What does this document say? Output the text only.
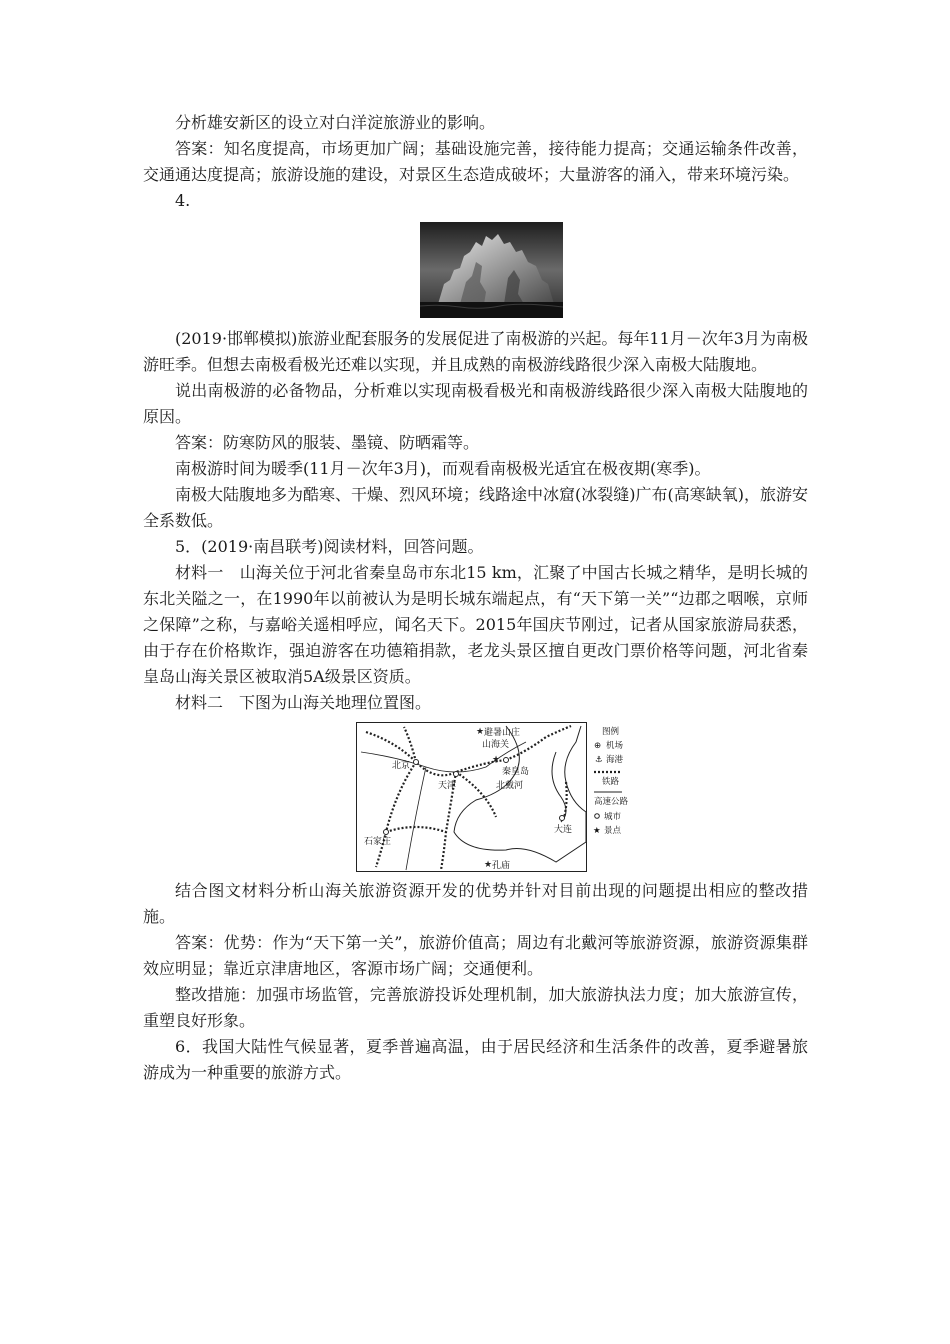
分析雄安新区的设立对白洋淀旅游业的影响。

答案：知名度提高，市场更加广阔；基础设施完善，接待能力提高；交通运输条件改善，交通通达度提高；旅游设施的建设，对景区生态造成破坏；大量游客的涌入，带来环境污染。

4.

(2019·邯郸模拟)旅游业配套服务的发展促进了南极游的兴起。每年11月－次年3月为南极游旺季。但想去南极看极光还难以实现，并且成熟的南极游线路很少深入南极大陆腹地。

说出南极游的必备物品，分析难以实现南极看极光和南极游线路很少深入南极大陆腹地的原因。

答案：防寒防风的服装、墨镜、防晒霜等。

南极游时间为暖季(11月－次年3月)，而观看南极极光适宜在极夜期(寒季)。

南极大陆腹地多为酷寒、干燥、烈风环境；线路途中冰窟(冰裂缝)广布(高寒缺氧)，旅游安全系数低。

5．(2019·南昌联考)阅读材料，回答问题。

材料一　山海关位于河北省秦皇岛市东北15 km，汇聚了中国古长城之精华，是明长城的东北关隘之一，在1990年以前被认为是明长城东端起点，有“天下第一关”“边郡之咽喉，京师之保障”之称，与嘉峪关遥相呼应，闻名天下。2015年国庆节刚过，记者从国家旅游局获悉，由于存在价格欺诈，强迫游客在功德箱捐款，老龙头景区擅自更改门票价格等问题，河北省秦皇岛山海关景区被取消5A级景区资质。

材料二　下图为山海关地理位置图。

★
★
★
避暑山庄
山海关
北京
秦皇岛
天津	北戴河
大连
石家庄
孔庙
图例
⊕ 机场
⚓ 海港
铁路
高速公路
城市
★ 景点

结合图文材料分析山海关旅游资源开发的优势并针对目前出现的问题提出相应的整改措施。

答案：优势：作为“天下第一关”，旅游价值高；周边有北戴河等旅游资源，旅游资源集群效应明显；靠近京津唐地区，客源市场广阔；交通便利。

整改措施：加强市场监管，完善旅游投诉处理机制，加大旅游执法力度；加大旅游宣传，重塑良好形象。

6．我国大陆性气候显著，夏季普遍高温，由于居民经济和生活条件的改善，夏季避暑旅游成为一种重要的旅游方式。
